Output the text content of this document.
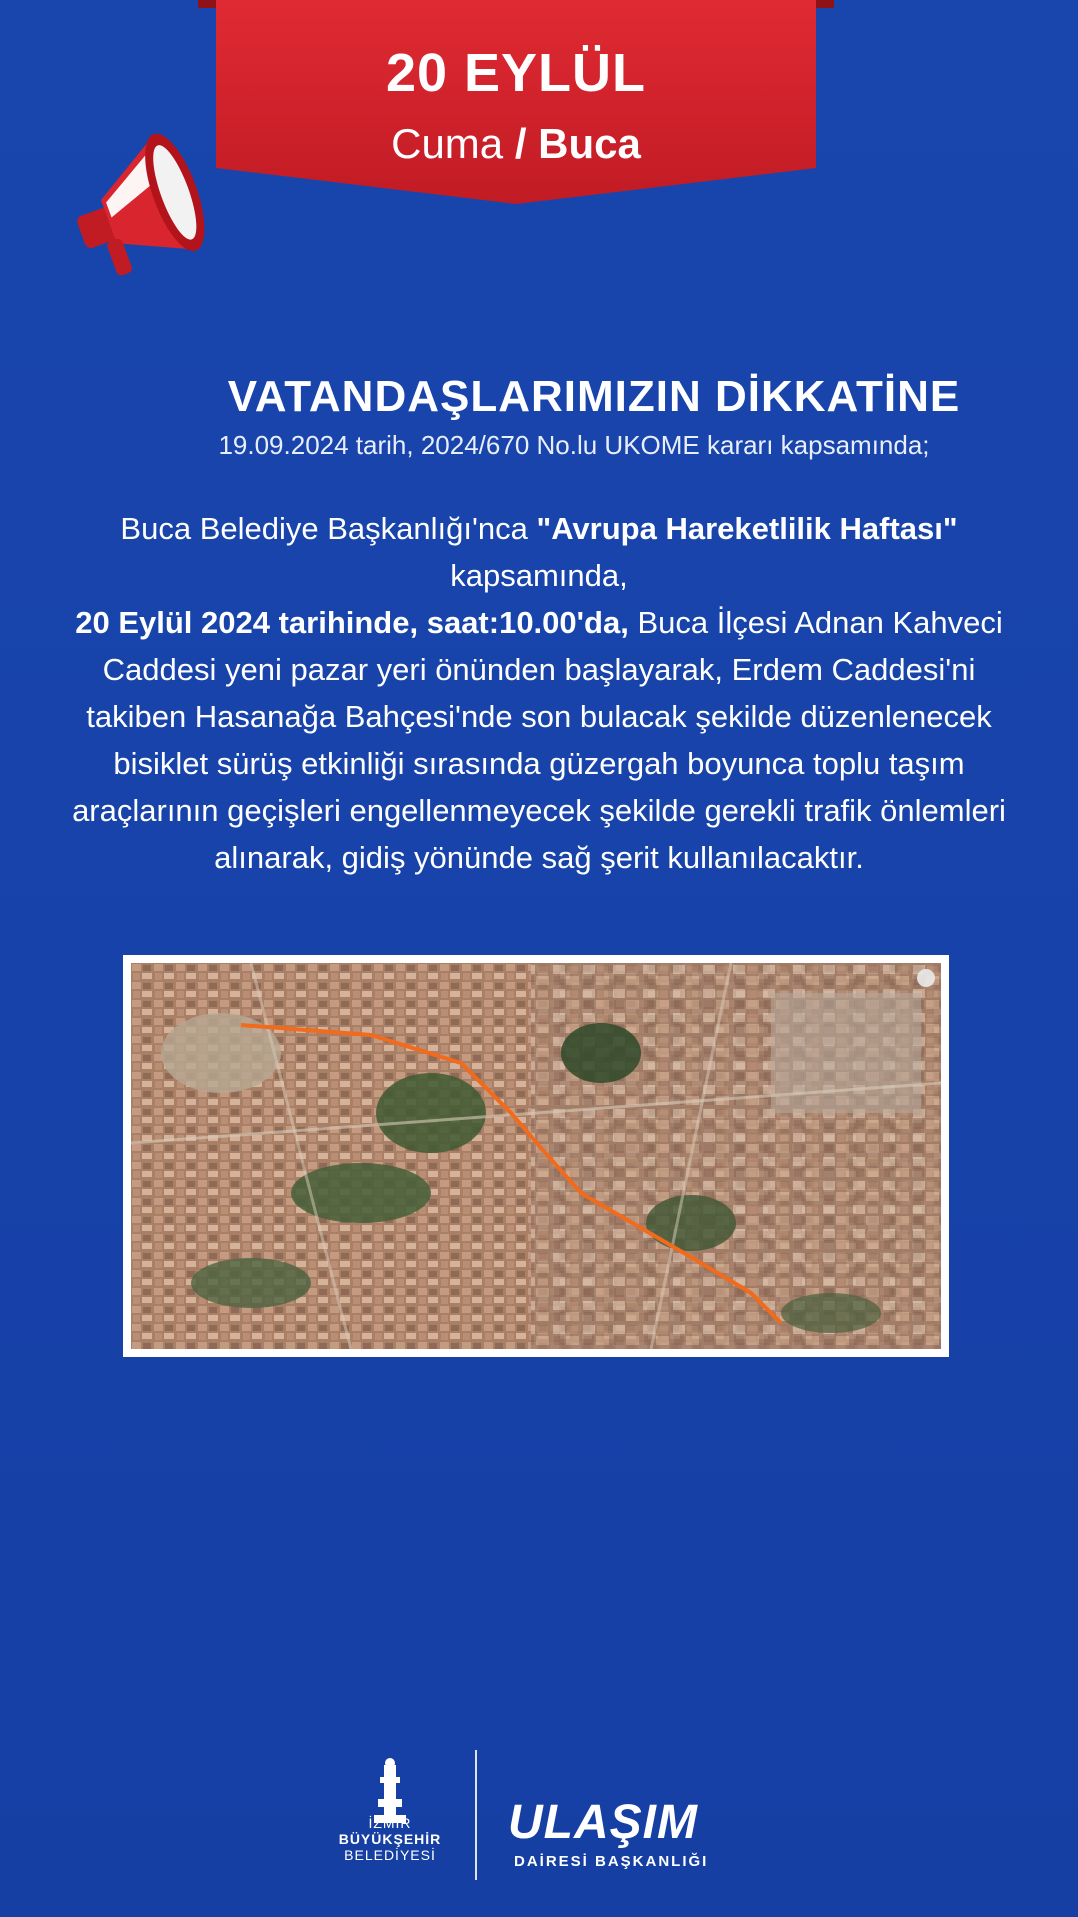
20 EYLÜL
Cuma / Buca
VATANDAŞLARIMIZIN DİKKATİNE
19.09.2024 tarih, 2024/670 No.lu UKOME kararı kapsamında;
Buca Belediye Başkanlığı'nca "Avrupa Hareketlilik Haftası" kapsamında,
20 Eylül 2024 tarihinde, saat:10.00'da, Buca İlçesi Adnan Kahveci Caddesi yeni pazar yeri önünden başlayarak, Erdem Caddesi'ni takiben Hasanağa Bahçesi'nde son bulacak şekilde düzenlenecek bisiklet sürüş etkinliği sırasında güzergah boyunca toplu taşım araçlarının geçişleri engellenmeyecek şekilde gerekli trafik önlemleri alınarak, gidiş yönünde sağ şerit kullanılacaktır.
İZMİR
BÜYÜKŞEHİR
BELEDİYESİ
ULAŞIM
DAİRESİ BAŞKANLIĞI
